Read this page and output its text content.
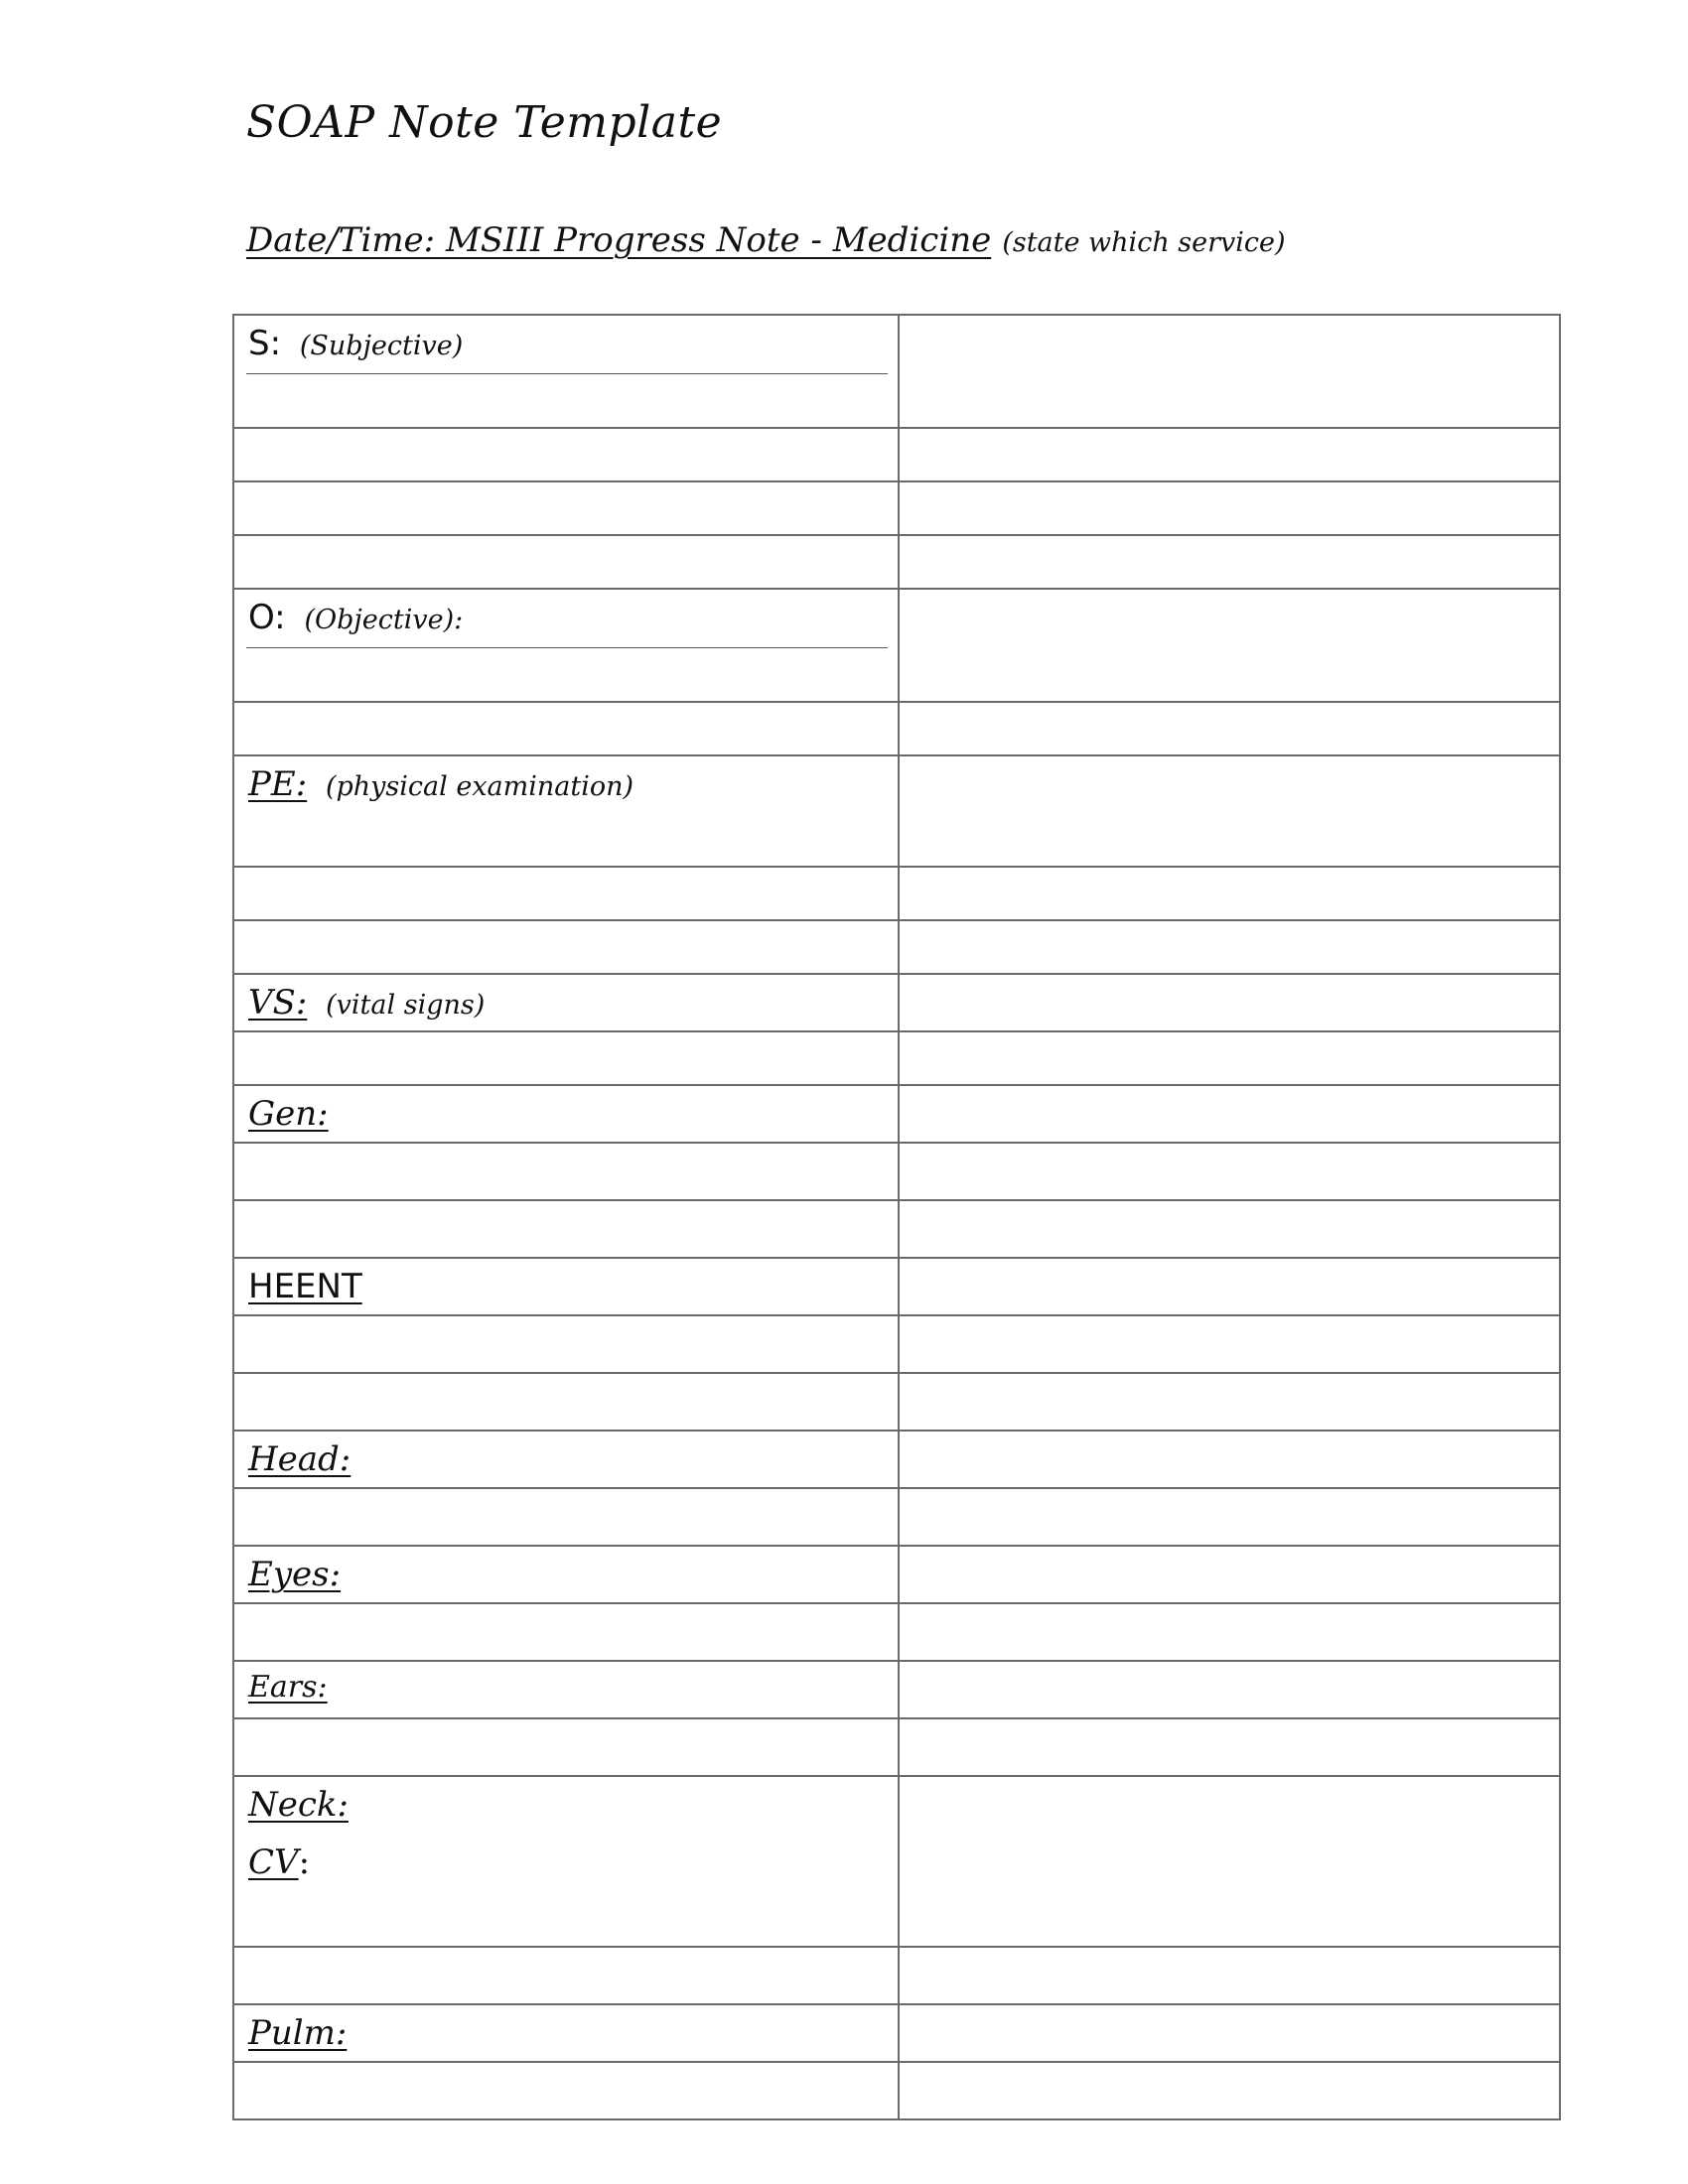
SOAP Note Template
Date/Time: MSIII Progress Note - Medicine (state which service)
S: (Subjective)	

O: (Objective):	

PE: (physical examination)	

VS: (vital signs)	

Gen:	

HEENT	

Head:	

Eyes:	

Ears:	

Neck:
CV:	

Pulm:	
